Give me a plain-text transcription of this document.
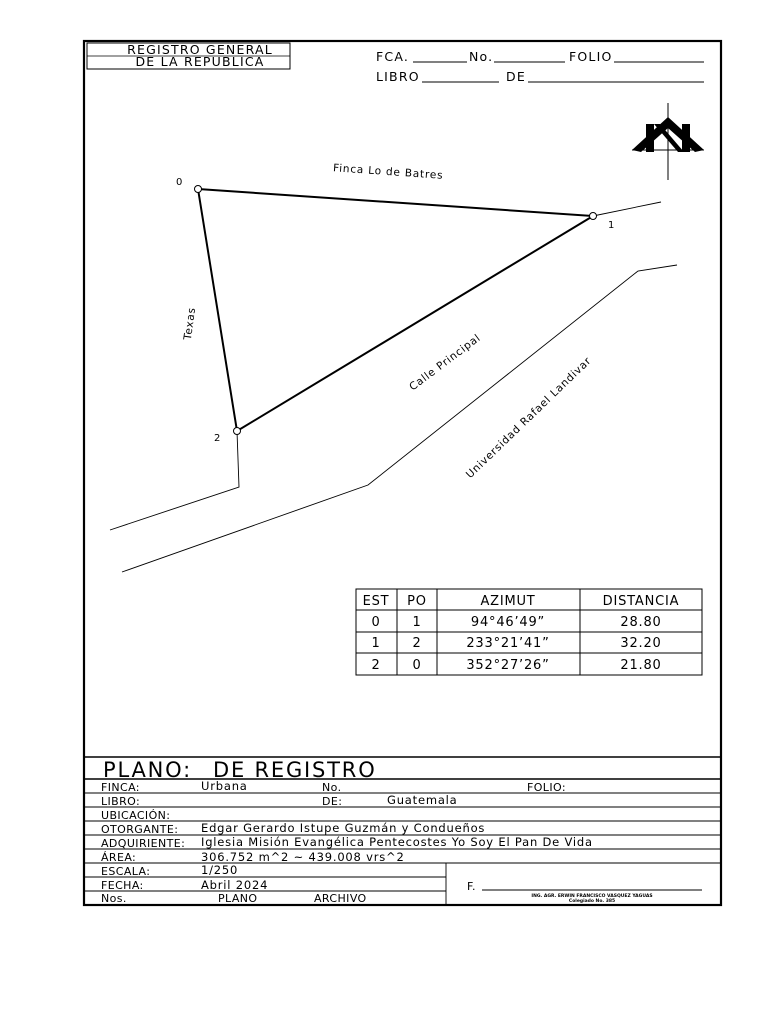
REGISTRO GENERAL
DE LA REPUBLICA	FCA.	No.	FOLIO
LIBRO	DE
0
1
2
Finca Lo de Batres
Texas
Calle Principal
Universidad Rafael Landivar
EST PO	AZIMUT	DISTANCIA
0 1	94°46’49”	28.80
1 2	233°21’41”	32.20
2 0	352°27’26”	21.80
PLANO: DE REGISTRO
FINCA:	Urbana	No.	FOLIO:
LIBRO:	DE:	Guatemala
UBICACIÓN:
OTORGANTE: Edgar Gerardo Istupe Guzmán y Condueños
ADQUIRIENTE: Iglesia Misión Evangélica Pentecostes Yo Soy El Pan De Vida
ÁREA:	306.752 m^2 ~ 439.008 vrs^2
ESCALA:	1/250
FECHA:	Abril 2024
Nos.	PLANO	ARCHIVO
F.
ING. AGR. ERWIN FRANCISCO VASQUEZ YAGUAS
Colegiado No. 385
